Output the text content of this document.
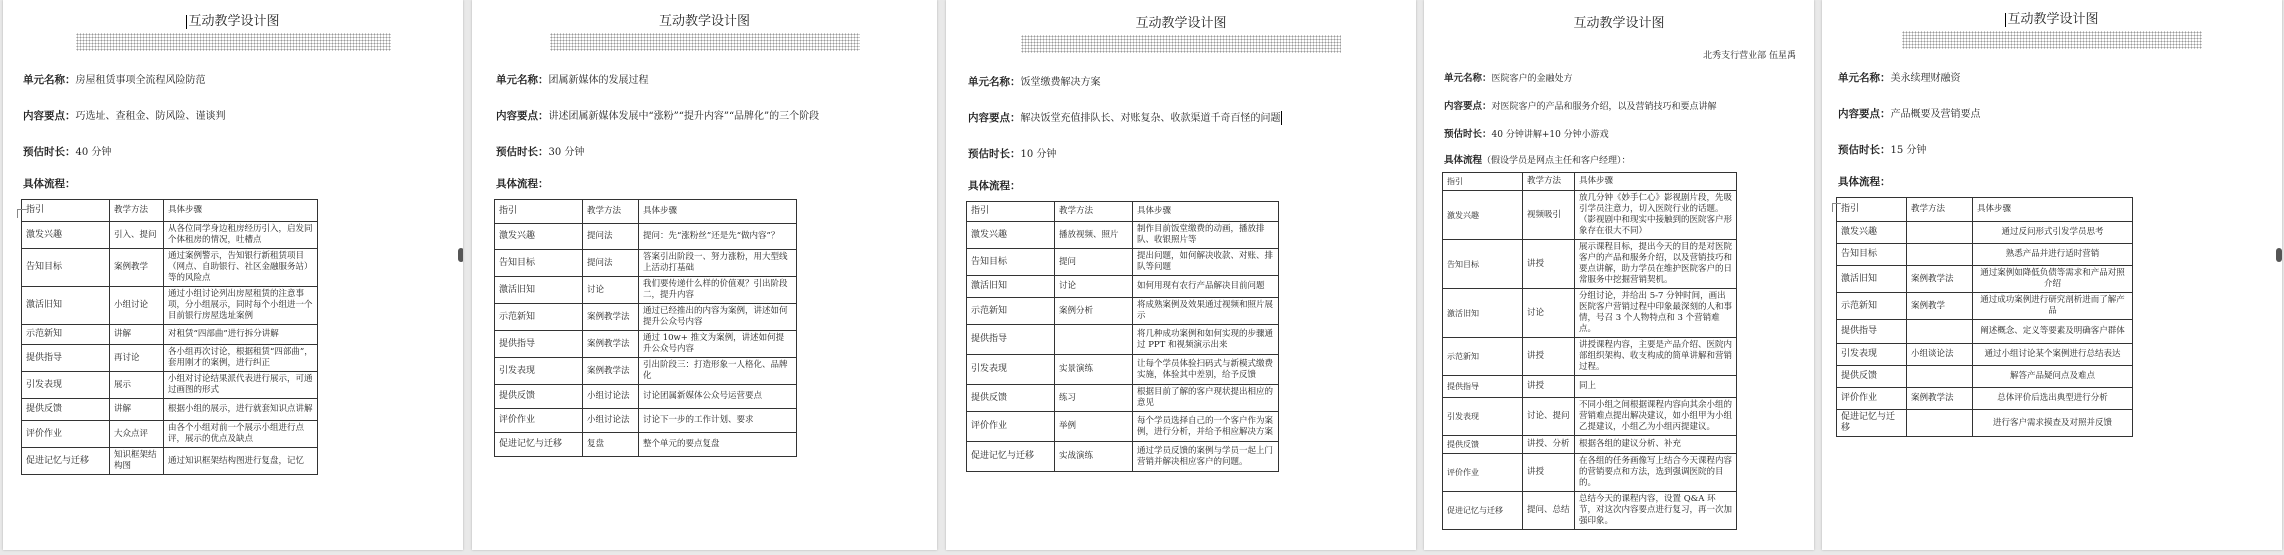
互动教学设计图
单元名称：房屋租赁事项全流程风险防范
内容要点：巧选址、查租金、防风险、谨谈判
预估时长：40 分钟
具体流程：
指引	教学方法	具体步骤
激发兴趣	引入、提问	从各位同学身边租房经历引入，启发同个体租房的情况，吐槽点
告知目标	案例教学	通过案例警示，告知银行新租赁项目（网点、自助银行、社区金融服务站）等的风险点
激活旧知	小组讨论	通过小组讨论列出房屋租赁的注意事项，分小组展示，同时每个小组进一个目前银行房屋选址案例
示范新知	讲解	对租赁“四部曲”进行拆分讲解
提供指导	再讨论	各小组再次讨论，根据租赁“四部曲”，套用刚才的案例，进行纠正
引发表现	展示	小组对讨论结果派代表进行展示，可通过画图的形式
提供反馈	讲解	根据小组的展示，进行就套知识点讲解
评价作业	大众点评	由各个小组对前一个展示小组进行点评，展示的优点及缺点
促进记忆与迁移	知识框架结构图	通过知识框架结构图进行复盘，记忆
互动教学设计图
单元名称：团属新媒体的发展过程
内容要点：讲述团属新媒体发展中“涨粉”“提升内容”“品牌化”的三个阶段
预估时长：30 分钟
具体流程：
指引	教学方法	具体步骤
激发兴趣	提问法	提问：先“涨粉丝”还是先“做内容”？
告知目标	提问法	答案引出阶段一、努力涨粉，用大型线上活动打基础
激活旧知	讨论	我们要传递什么样的价值观？引出阶段二，提升内容
示范新知	案例教学法	通过已经推出的内容为案例，讲述如何提升公众号内容
提供指导	案例教学法	通过 10w+ 推文为案例，讲述如何提升公众号内容
引发表现	案例教学法	引出阶段三：打造形象一人格化、品牌化
提供反馈	小组讨论法	讨论团属新媒体公众号运营要点
评价作业	小组讨论法	讨论下一步的工作计划、要求
促进记忆与迁移	复盘	整个单元的要点复盘
互动教学设计图
单元名称：饭堂缴费解决方案
内容要点：解决饭堂充值排队长、对账复杂、收款渠道千奇百怪的问题
预估时长：10 分钟
具体流程：
指引	教学方法	具体步骤
激发兴趣	播放视频、照片	制作目前饭堂缴费的动画，播放排队、收银照片等
告知目标	提问	提出问题，如何解决收款、对账、排队等问题
激活旧知	讨论	如何用现有农行产品解决目前问题
示范新知	案例分析	将成熟案例及效果通过视频和照片展示
提供指导		将几种成功案例和如何实现的步骤通过 PPT 和视频演示出来
引发表现	实景演练	让每个学员体验扫码式与新模式缴费实施，体验其中差别，给予反馈
提供反馈	练习	根据目前了解的客户现状提出相应的意见
评价作业	举例	每个学员选择自己的一个客户作为案例，进行分析，并给予相应解决方案
促进记忆与迁移	实战演练	通过学员反馈的案例与学员一起上门营销并解决相应客户的问题。
互动教学设计图
北秀支行营业部 伍星禹
单元名称：医院客户的金融处方
内容要点：对医院客户的产品和服务介绍，以及营销技巧和要点讲解
预估时长：40 分钟讲解+10 分钟小游戏
具体流程（假设学员是网点主任和客户经理）：
指引	教学方法	具体步骤
激发兴趣	视频吸引	放几分钟《妙手仁心》影视剧片段，先吸引学员注意力，切入医院行业的话题。（影视剧中和现实中接触到的医院客户形象存在很大不同）
告知目标	讲授	展示课程目标，提出今天的目的是对医院客户的产品和服务介绍，以及营销技巧和要点讲解，助力学员在维护医院客户的日常服务中挖掘营销契机。
激活旧知	讨论	分组讨论，并给出 5-7 分钟时间，画出医院客户营销过程中印象最深刻的人和事情，号召 3 个人物特点和 3 个营销难点。
示范新知	讲授	讲授课程内容，主要是产品介绍、医院内部组织架构、收支构成的简单讲解和营销过程。
提供指导	讲授	同上
引发表现	讨论、提问	不同小组之间根据课程内容向其余小组的营销难点提出解决建议，如小组甲为小组乙提建议，小组乙为小组丙提建议。
提供反馈	讲授、分析	根据各组的建议分析、补充
评价作业	讲授	在各组的任务画像写上结合今天课程内容的营销要点和方法，选到强调医院的目的。
促进记忆与迁移	提问、总结	总结今天的课程内容，设置 Q&A 环节，对这次内容要点进行复习，再一次加强印象。
互动教学设计图
单元名称：美永续理财融资
内容要点：产品概要及营销要点
预估时长：15 分钟
具体流程：
指引	教学方法	具体步骤
激发兴趣		通过反问形式引发学员思考
告知目标		熟悉产品并进行适时营销
激活旧知	案例教学法	通过案例如降低负债等需求和产品对照介绍
示范新知	案例教学	通过成功案例进行研究剖析进而了解产品
提供指导		阐述概念、定义等要素及明确客户群体
引发表现	小组谈论法	通过小组讨论某个案例进行总结表达
提供反馈		解答产品疑问点及难点
评价作业	案例教学法	总体评价后选出典型进行分析
促进记忆与迁移		进行客户需求摸查及对照并反馈
